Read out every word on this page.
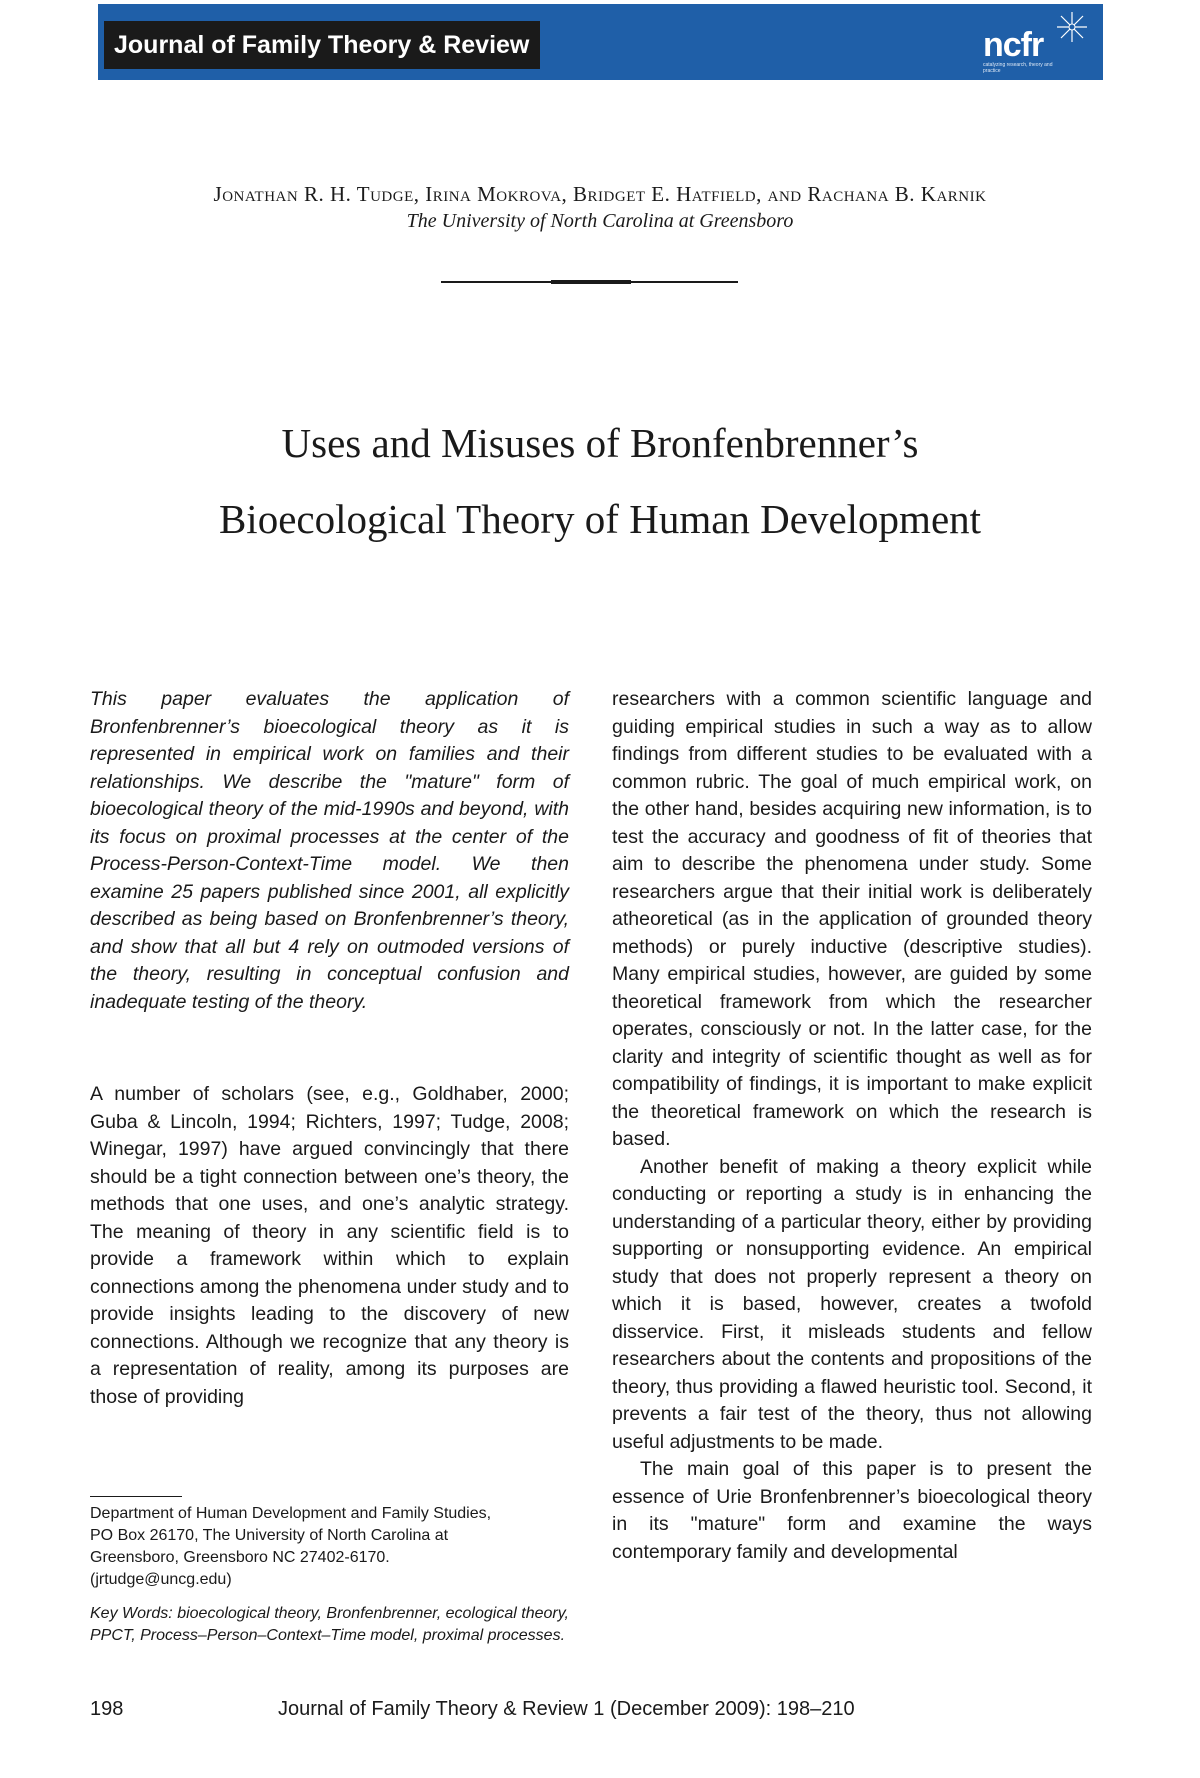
Journal of Family Theory & Review	ncfr
catalyzing research, theory and practice
Jonathan R. H. Tudge, Irina Mokrova, Bridget E. Hatfield, and Rachana B. Karnik
The University of North Carolina at Greensboro
Uses and Misuses of Bronfenbrenner’s
Bioecological Theory of Human Development
This paper evaluates the application of Bronfenbrenner’s bioecological theory as it is represented in empirical work on families and their relationships. We describe the "mature" form of bioecological theory of the mid-1990s and beyond, with its focus on proximal processes at the center of the Process-Person-Context-Time model. We then examine 25 papers published since 2001, all explicitly described as being based on Bronfenbrenner’s theory, and show that all but 4 rely on outmoded versions of the theory, resulting in conceptual confusion and inadequate testing of the theory.
A number of scholars (see, e.g., Goldhaber, 2000; Guba & Lincoln, 1994; Richters, 1997; Tudge, 2008; Winegar, 1997) have argued convincingly that there should be a tight connection between one’s theory, the methods that one uses, and one’s analytic strategy. The meaning of theory in any scientific field is to provide a framework within which to explain connections among the phenomena under study and to provide insights leading to the discovery of new connections. Although we recognize that any theory is a representation of reality, among its purposes are those of providing

researchers with a common scientific language and guiding empirical studies in such a way as to allow findings from different studies to be evaluated with a common rubric. The goal of much empirical work, on the other hand, besides acquiring new information, is to test the accuracy and goodness of fit of theories that aim to describe the phenomena under study. Some researchers argue that their initial work is deliberately atheoretical (as in the application of grounded theory methods) or purely inductive (descriptive studies). Many empirical studies, however, are guided by some theoretical framework from which the researcher operates, consciously or not. In the latter case, for the clarity and integrity of scientific thought as well as for compatibility of findings, it is important to make explicit the theoretical framework on which the research is based.

Another benefit of making a theory explicit while conducting or reporting a study is in enhancing the understanding of a particular theory, either by providing supporting or nonsupporting evidence. An empirical study that does not properly represent a theory on which it is based, however, creates a twofold disservice. First, it misleads students and fellow researchers about the contents and propositions of the theory, thus providing a flawed heuristic tool. Second, it prevents a fair test of the theory, thus not allowing useful adjustments to be made.

The main goal of this paper is to present the essence of Urie Bronfenbrenner’s bioecological theory in its "mature" form and examine the ways contemporary family and developmental

Department of Human Development and Family Studies,
PO Box 26170, The University of North Carolina at
Greensboro, Greensboro NC 27402-6170.
(jrtudge@uncg.edu)
Key Words: bioecological theory, Bronfenbrenner, ecological theory, PPCT, Process–Person–Context–Time model, proximal processes.
198	Journal of Family Theory & Review 1 (December 2009): 198–210
